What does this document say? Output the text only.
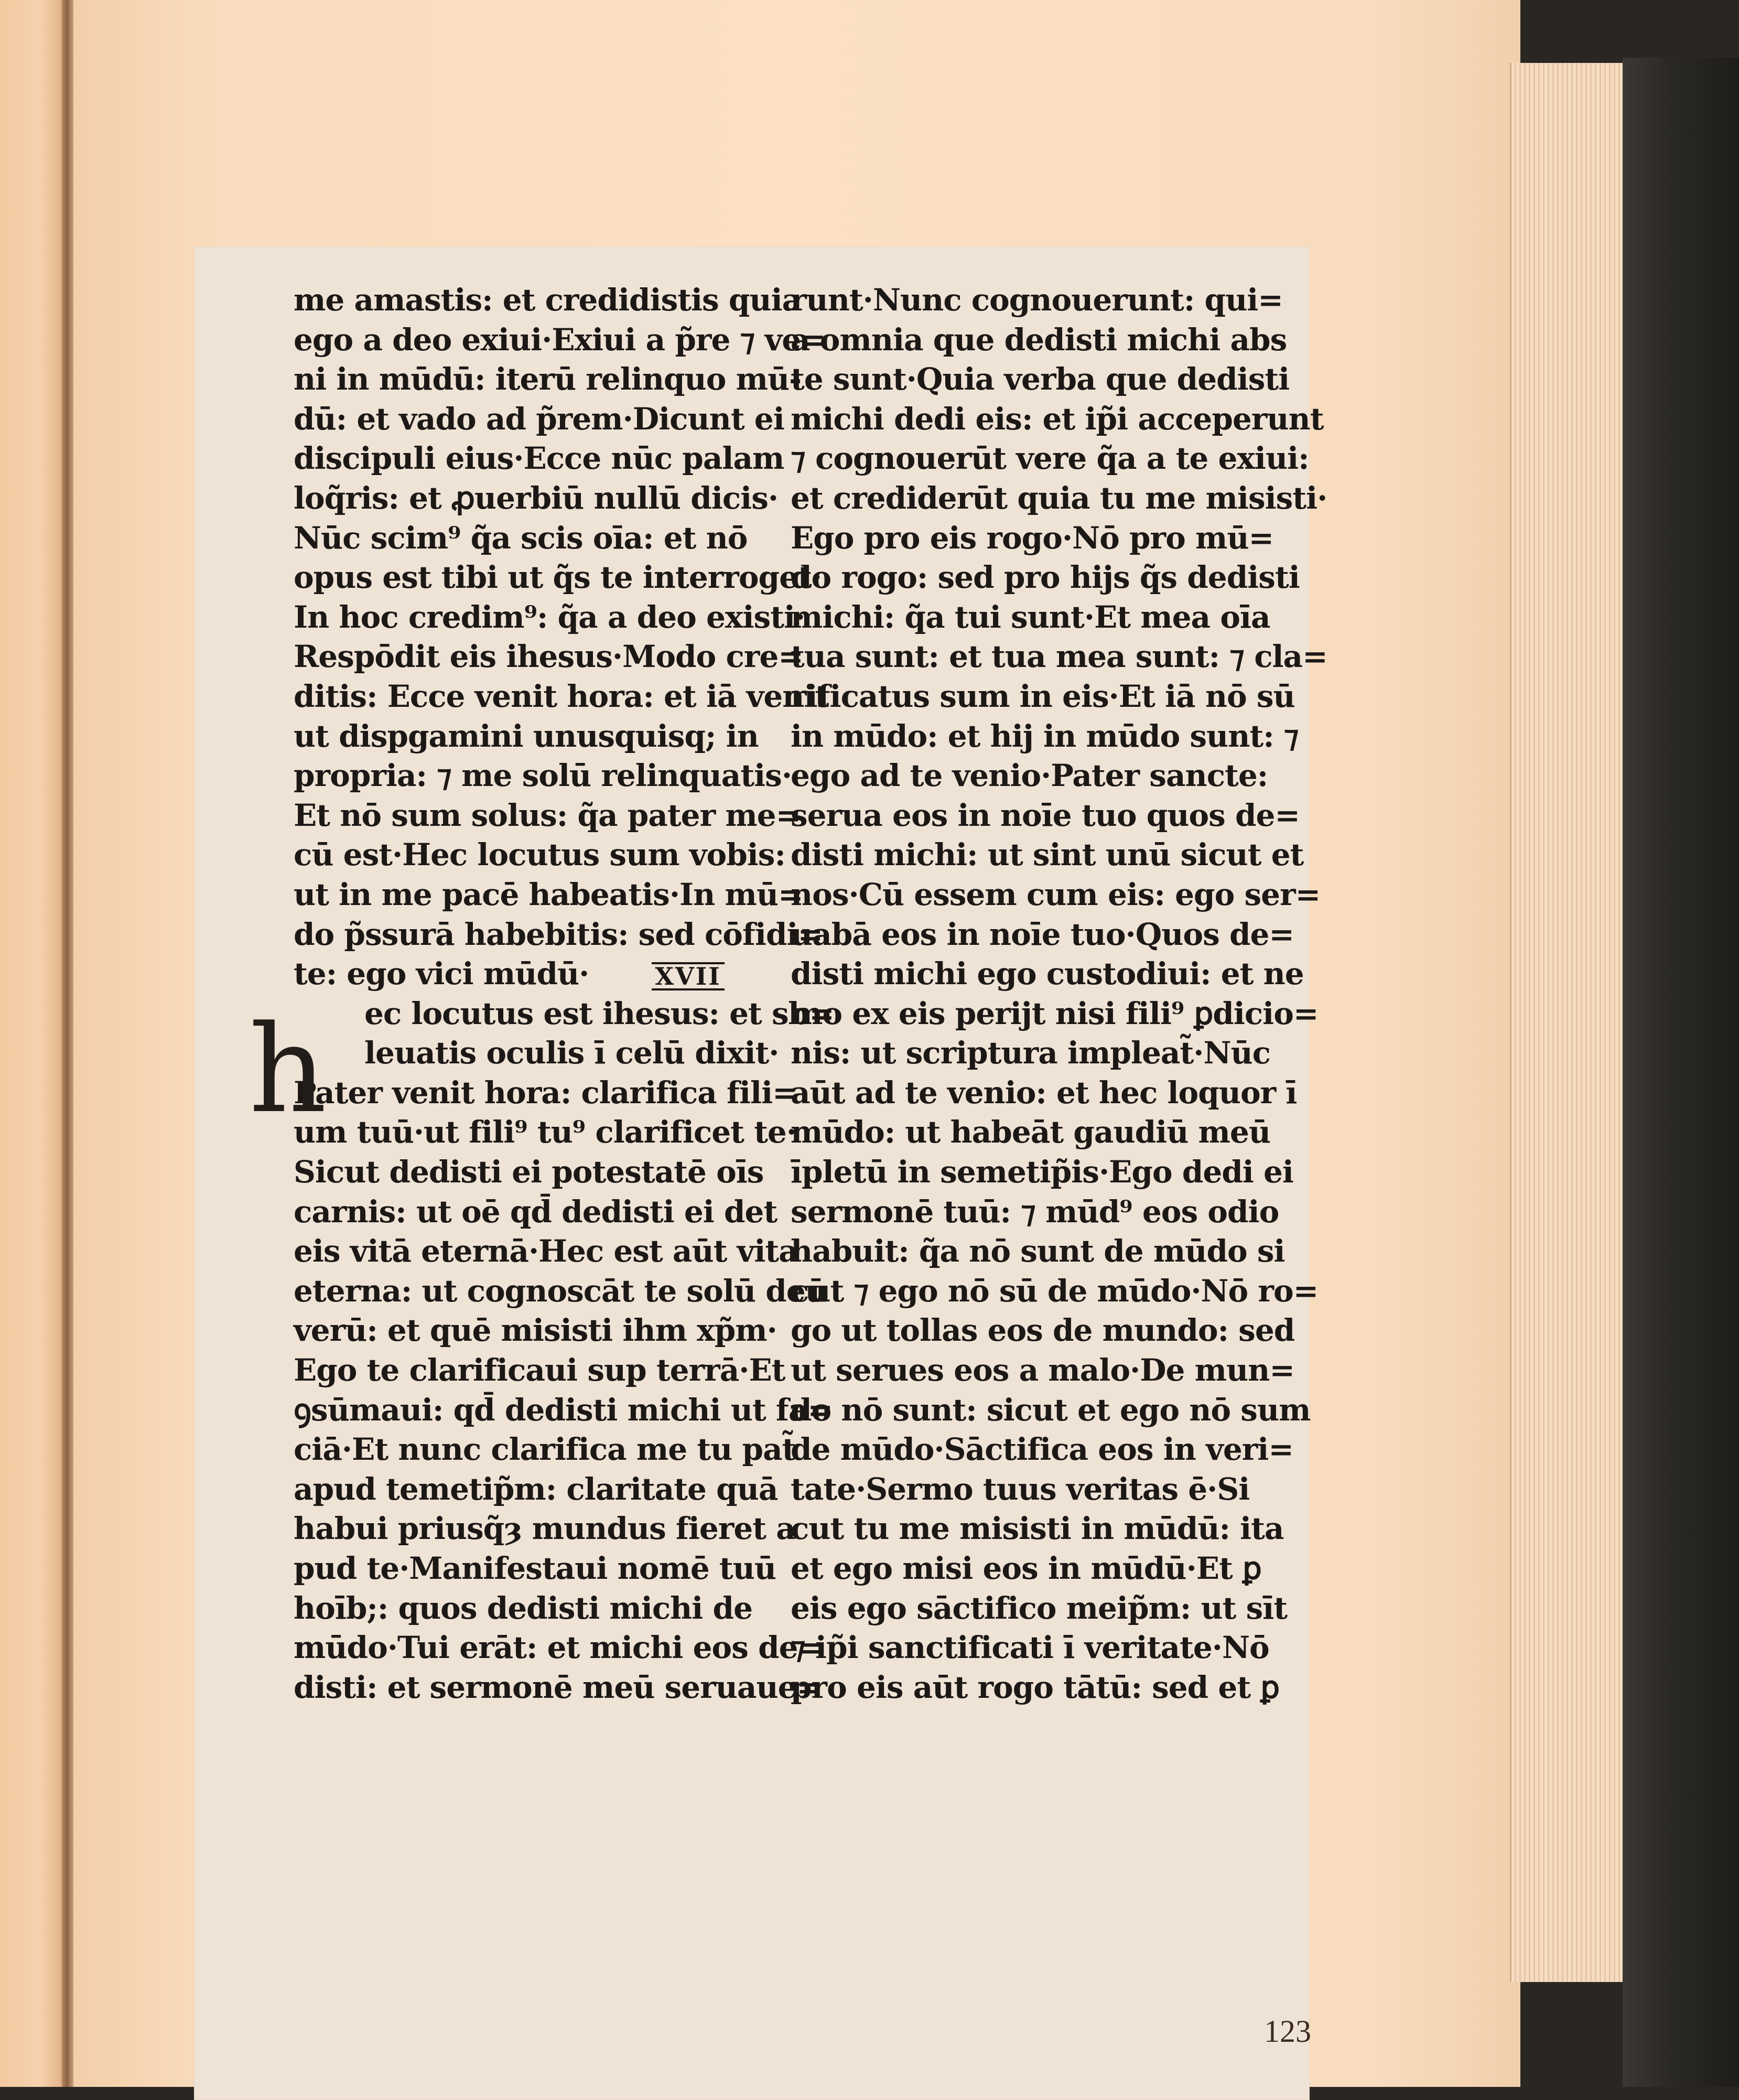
me amastis: et credidistis quia
ego a deo exiui·Exiui a p̃re ⁊ ve=
ni in mūdū: iterū relinquo mū-
dū: et vado ad p̃rem·Dicunt ei
discipuli eius·Ecce nūc palam
loq̃ris: et ꝓuerbiū nullū dicis·
Nūc scim⁹ q̃a scis oīa: et nō
opus est tibi ut q̃s te interroget·
In hoc credim⁹: q̃a a deo existi·
Respōdit eis ihesus·Modo cre=
ditis: Ecce venit hora: et iā venit
ut dispgamini unusquisq; in
propria: ⁊ me solū relinquatis·
Et nō sum solus: q̃a pater me=
cū est·Hec locutus sum vobis:
ut in me pacē habeatis·In mū=
do p̃ssurā habebitis: sed cōfidi=
te: ego vici mūdū·	XVII
h	ec locutus est ihesus: et sb=
leuatis oculis ī celū dixit·
Pater venit hora: clarifica fili=
um tuū·ut fili⁹ tu⁹ clarificet te·
Sicut dedisti ei potestatē oīs
carnis: ut oē qd̄ dedisti ei det
eis vitā eternā·Hec est aūt vita
eterna: ut cognoscāt te solū deū
verū: et quē misisti ihm xp̃m·
Ego te clarificaui sup terrā·Et
ꝯsūmaui: qd̄ dedisti michi ut fa=
ciā·Et nunc clarifica me tu pat̃
apud temetip̃m: claritate quā
habui priusq̃ȝ mundus fieret a
pud te·Manifestaui nomē tuū
hoīb;: quos dedisti michi de
mūdo·Tui erāt: et michi eos de=
disti: et sermonē meū seruaue=
runt·Nunc cognouerunt: qui=
a omnia que dedisti michi abs
te sunt·Quia verba que dedisti
michi dedi eis: et ip̃i acceperunt
⁊ cognouerūt vere q̃a a te exiui:
et crediderūt quia tu me misisti·
Ego pro eis rogo·Nō pro mū=
do rogo: sed pro hijs q̃s dedisti
michi: q̃a tui sunt·Et mea oīa
tua sunt: et tua mea sunt: ⁊ cla=
rificatus sum in eis·Et iā nō sū
in mūdo: et hij in mūdo sunt: ⁊
ego ad te venio·Pater sancte:
serua eos in noīe tuo quos de=
disti michi: ut sint unū sicut et
nos·Cū essem cum eis: ego ser=
uabā eos in noīe tuo·Quos de=
disti michi ego custodiui: et ne
mo ex eis perijt nisi fili⁹ ꝑdicio=
nis: ut scriptura impleat̃·Nūc
aūt ad te venio: et hec loquor ī
mūdo: ut habeāt gaudiū meū
īpletū in semetip̃is·Ego dedi ei
sermonē tuū: ⁊ mūd⁹ eos odio
habuit: q̃a nō sunt de mūdo si
cut ⁊ ego nō sū de mūdo·Nō ro=
go ut tollas eos de mundo: sed
ut serues eos a malo·De mun=
do nō sunt: sicut et ego nō sum
de mūdo·Sāctifica eos in veri=
tate·Sermo tuus veritas ē·Si
cut tu me misisti in mūdū: ita
et ego misi eos in mūdū·Et ꝑ
eis ego sāctifico meip̃m: ut sīt
⁊ ip̃i sanctificati ī veritate·Nō
pro eis aūt rogo tātū: sed et ꝑ
123
